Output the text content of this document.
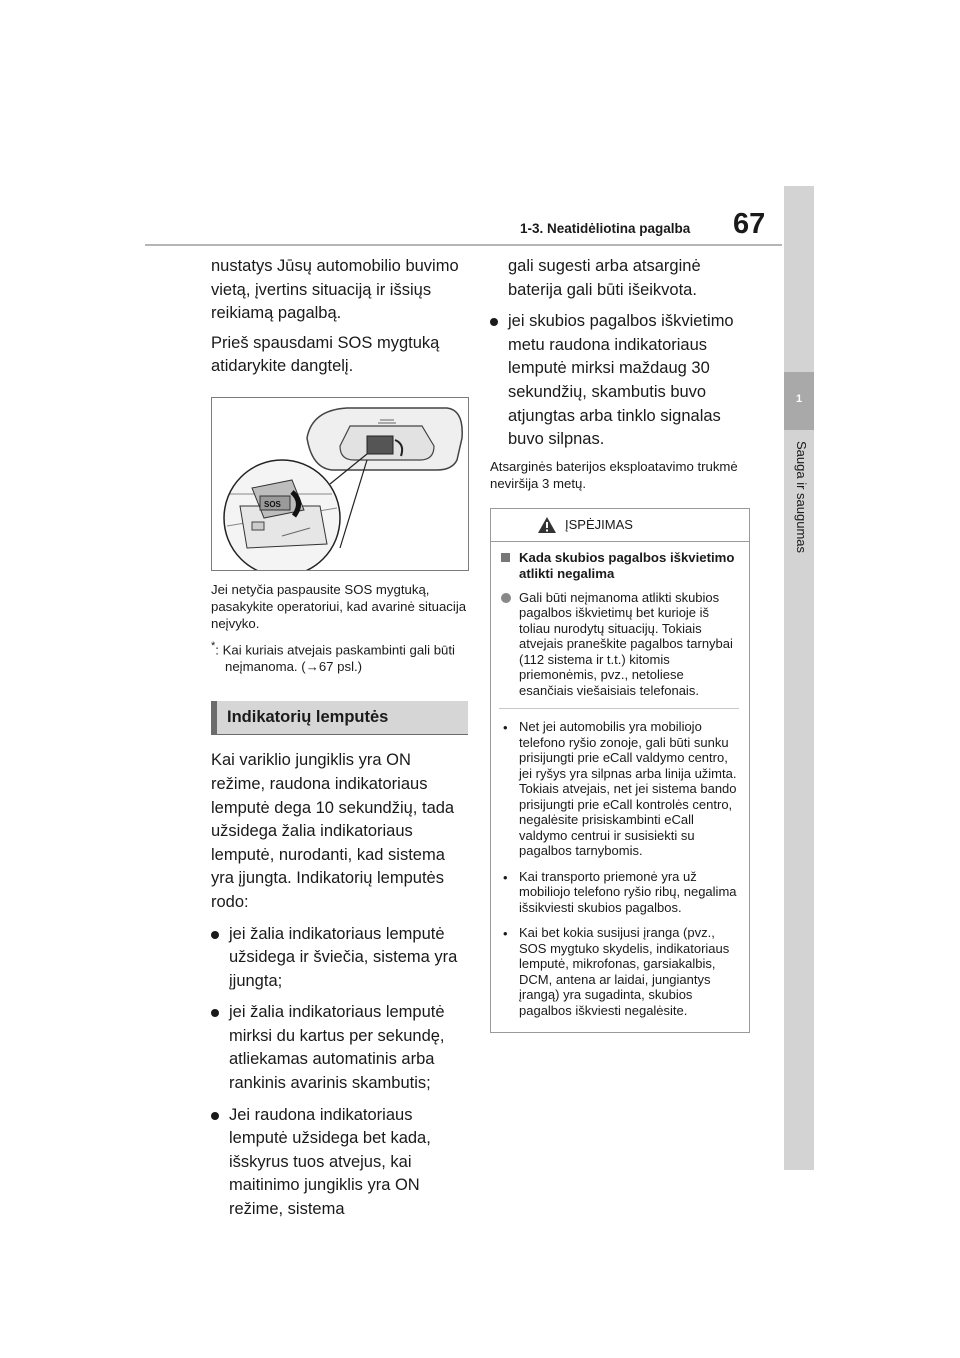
1-3. Neatidėliotina pagalba 67
1
Sauga ir saugumas

nustatys Jūsų automobilio buvimo vietą, įvertins situaciją ir išsiųs reikiamą pagalbą.

Prieš spausdami SOS mygtuką atidarykite dangtelį.

SOS

Jei netyčia paspausite SOS mygtuką, pasakykite operatoriui, kad avarinė situacija neįvyko.

*: Kai kuriais atvejais paskambinti gali būti neįmanoma. (→67 psl.)

Indikatorių lemputės

Kai variklio jungiklis yra ON režime, raudona indikatoriaus lemputė dega 10 sekundžių, tada užsidega žalia indikatoriaus lemputė, nurodanti, kad sistema yra įjungta. Indikatorių lemputės rodo:

jei žalia indikatoriaus lemputė užsidega ir šviečia, sistema yra įjungta;
jei žalia indikatoriaus lemputė mirksi du kartus per sekundę, atliekamas automatinis arba rankinis avarinis skambutis;
Jei raudona indikatoriaus lemputė užsidega bet kada, išskyrus tuos atvejus, kai maitinimo jungiklis yra ON režime, sistema

gali sugesti arba atsarginė baterija gali būti išeikvota.

jei skubios pagalbos iškvietimo metu raudona indikatoriaus lemputė mirksi maždaug 30 sekundžių, skambutis buvo atjungtas arba tinklo signalas buvo silpnas.

Atsarginės baterijos eksploatavimo trukmė neviršija 3 metų.

ĮSPĖJIMAS
Kada skubios pagalbos iškvietimo atlikti negalima
Gali būti neįmanoma atlikti skubios pagalbos iškvietimų bet kurioje iš toliau nurodytų situacijų. Tokiais atvejais praneškite pagalbos tarnybai (112 sistema ir t.t.) kitomis priemonėmis, pvz., netoliese esančiais viešaisiais telefonais.
• Net jei automobilis yra mobiliojo telefono ryšio zonoje, gali būti sunku prisijungti prie eCall valdymo centro, jei ryšys yra silpnas arba linija užimta. Tokiais atvejais, net jei sistema bando prisijungti prie eCall kontrolės centro, negalėsite prisiskambinti eCall valdymo centrui ir susisiekti su pagalbos tarnybomis.
• Kai transporto priemonė yra už mobiliojo telefono ryšio ribų, negalima išsikviesti skubios pagalbos.
• Kai bet kokia susijusi įranga (pvz., SOS mygtuko skydelis, indikatoriaus lemputė, mikrofonas, garsiakalbis, DCM, antena ar laidai, jungiantys įrangą) yra sugadinta, skubios pagalbos iškviesti negalėsite.
